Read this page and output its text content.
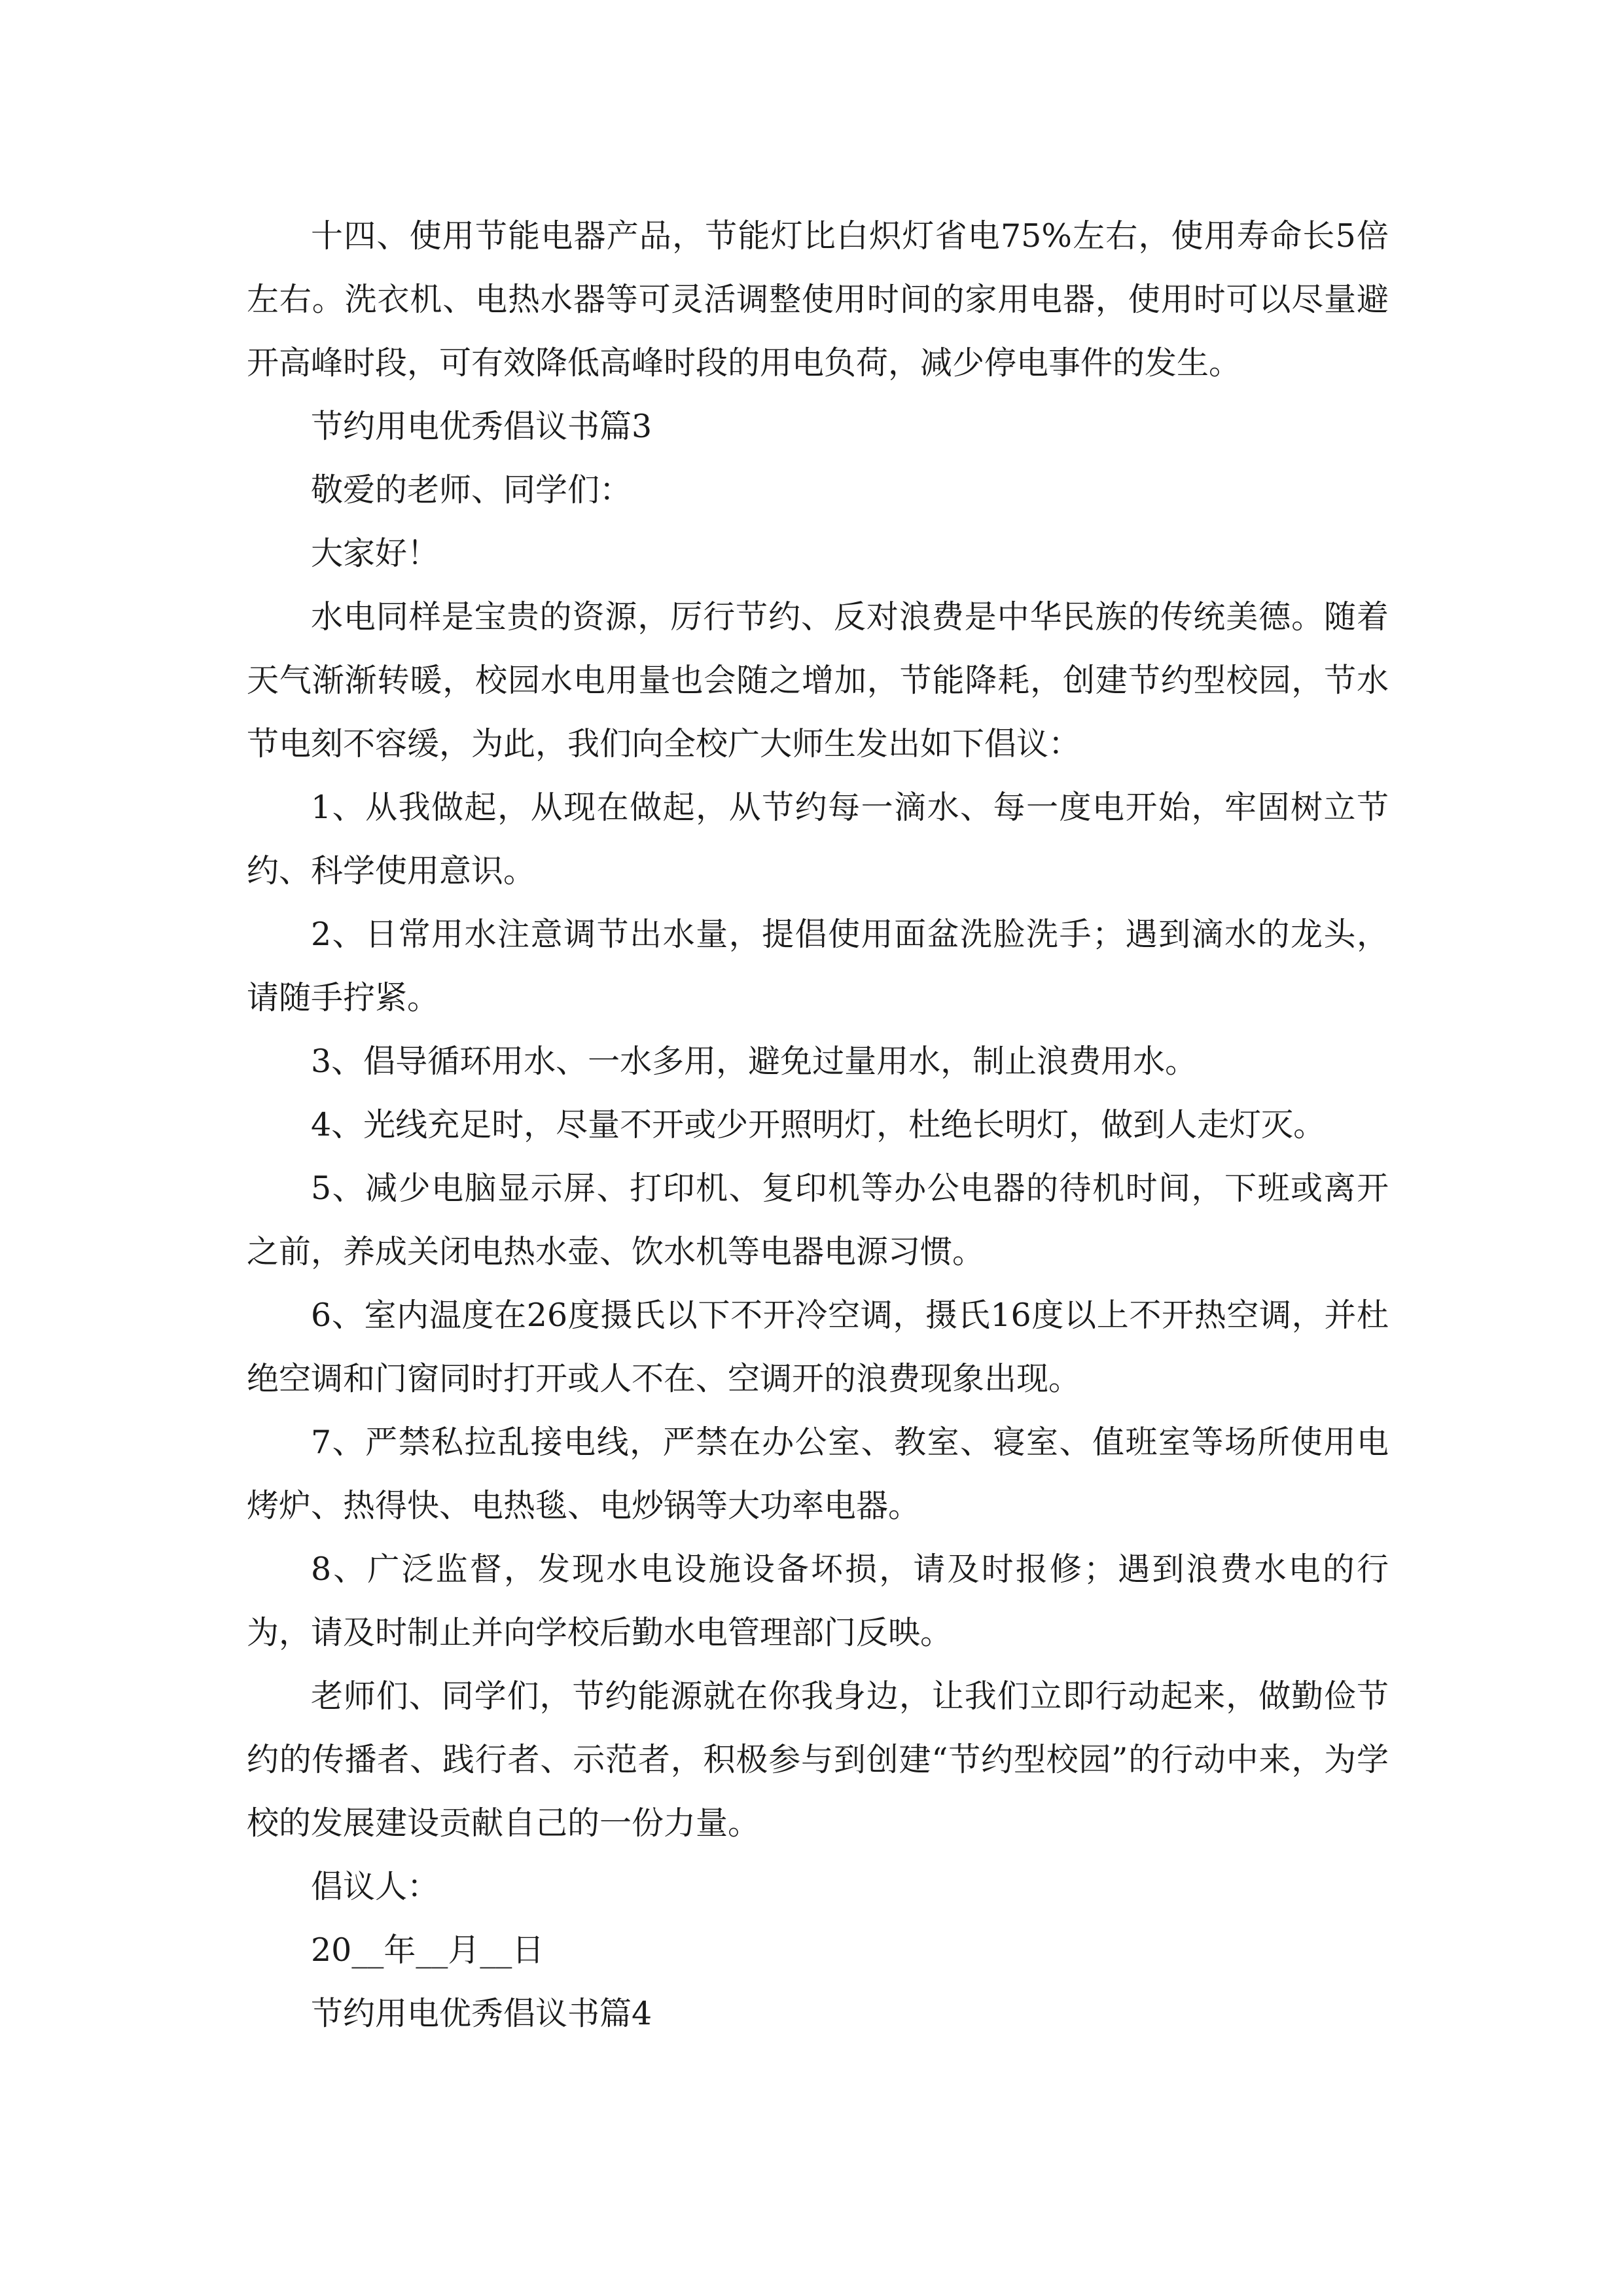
十四、使用节能电器产品，节能灯比白炽灯省电75%左右，使用寿命长5倍左右。洗衣机、电热水器等可灵活调整使用时间的家用电器，使用时可以尽量避开高峰时段，可有效降低高峰时段的用电负荷，减少停电事件的发生。

节约用电优秀倡议书篇3

敬爱的老师、同学们：

大家好！

水电同样是宝贵的资源，厉行节约、反对浪费是中华民族的传统美德。随着天气渐渐转暖，校园水电用量也会随之增加，节能降耗，创建节约型校园，节水节电刻不容缓，为此，我们向全校广大师生发出如下倡议：

1、从我做起，从现在做起，从节约每一滴水、每一度电开始，牢固树立节约、科学使用意识。

2、日常用水注意调节出水量，提倡使用面盆洗脸洗手；遇到滴水的龙头，请随手拧紧。

3、倡导循环用水、一水多用，避免过量用水，制止浪费用水。

4、光线充足时，尽量不开或少开照明灯，杜绝长明灯，做到人走灯灭。

5、减少电脑显示屏、打印机、复印机等办公电器的待机时间，下班或离开之前，养成关闭电热水壶、饮水机等电器电源习惯。

6、室内温度在26度摄氏以下不开冷空调，摄氏16度以上不开热空调，并杜绝空调和门窗同时打开或人不在、空调开的浪费现象出现。

7、严禁私拉乱接电线，严禁在办公室、教室、寝室、值班室等场所使用电烤炉、热得快、电热毯、电炒锅等大功率电器。

8、广泛监督，发现水电设施设备坏损，请及时报修；遇到浪费水电的行为，请及时制止并向学校后勤水电管理部门反映。

老师们、同学们，节约能源就在你我身边，让我们立即行动起来，做勤俭节约的传播者、践行者、示范者，积极参与到创建“节约型校园”的行动中来，为学校的发展建设贡献自己的一份力量。

倡议人：

20__年__月__日

节约用电优秀倡议书篇4
